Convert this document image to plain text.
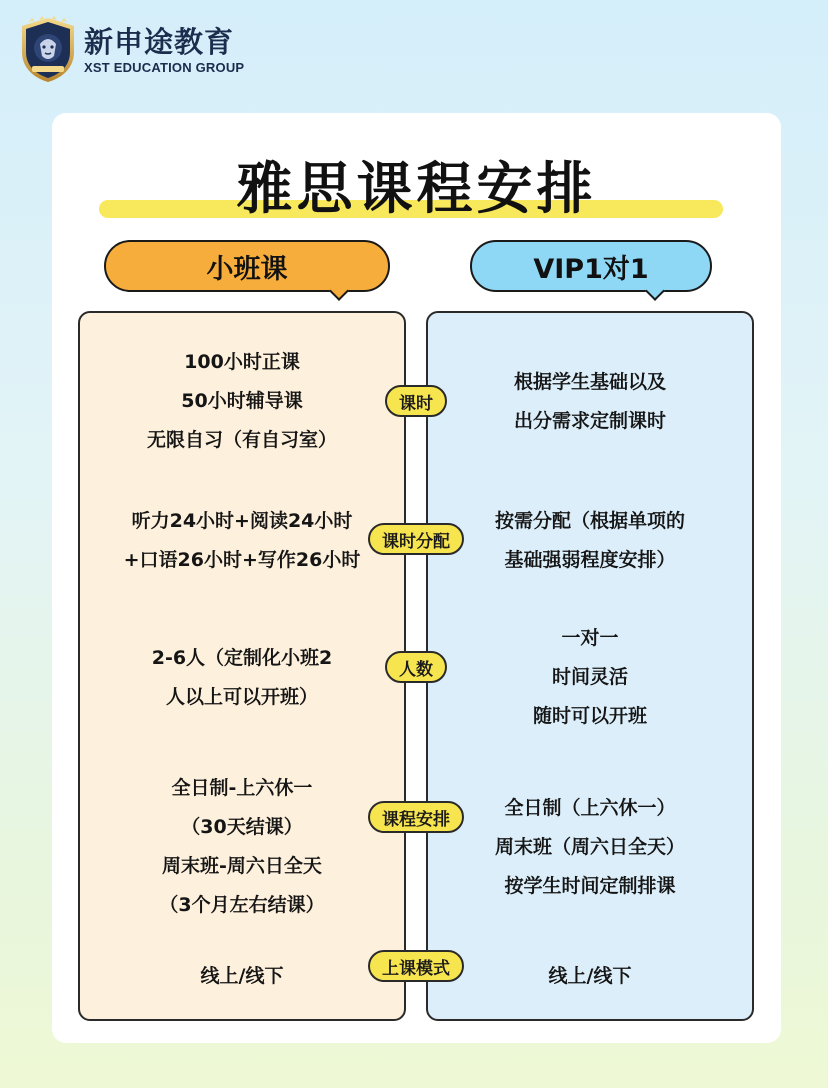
新申途教育
XST EDUCATION GROUP
雅思课程安排
小班课	VIP1对1
100小时正课
50小时辅导课
无限自习（有自习室）
听力24小时+阅读24小时
+口语26小时+写作26小时
2-6人（定制化小班2
人以上可以开班）
全日制-上六休一
（30天结课）
周末班-周六日全天
（3个月左右结课）
线上/线下
根据学生基础以及
出分需求定制课时
按需分配（根据单项的
基础强弱程度安排）
一对一
时间灵活
随时可以开班
全日制（上六休一）
周末班（周六日全天）
按学生时间定制排课
线上/线下
课时
课时分配
人数
课程安排
上课模式
